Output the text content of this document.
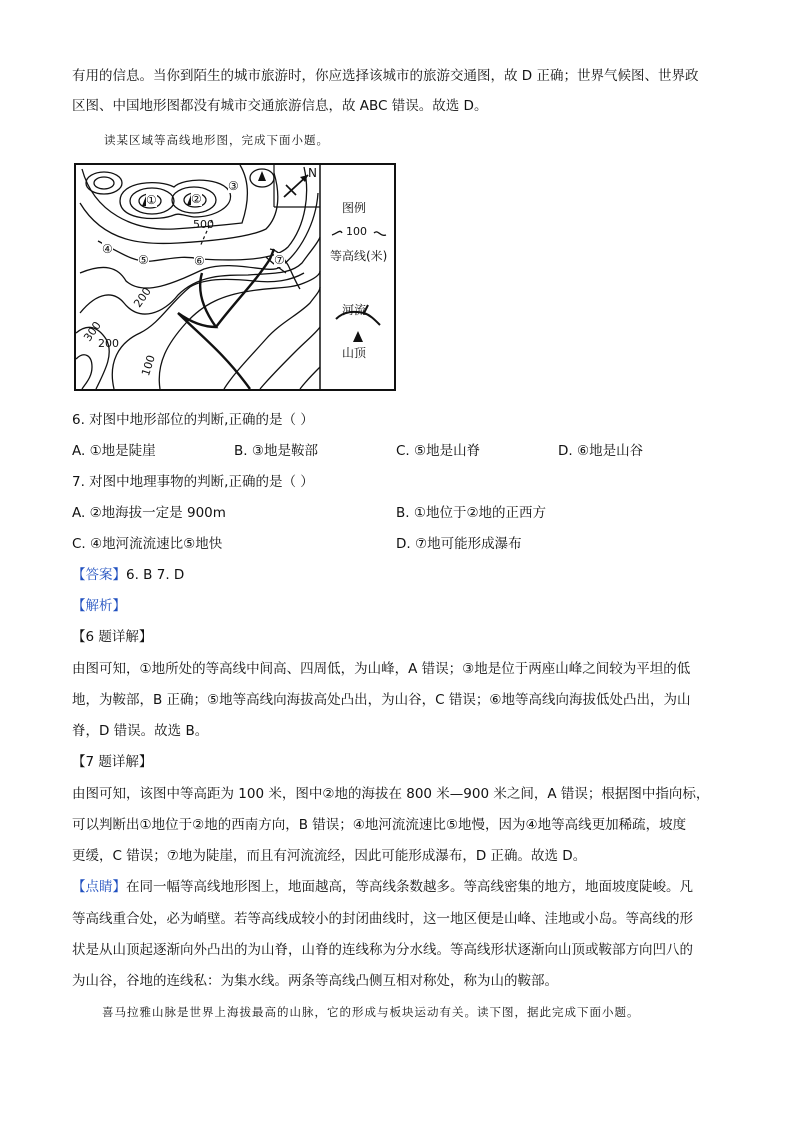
有用的信息。当你到陌生的城市旅游时，你应选择该城市的旅游交通图，故 D 正确；世界气候图、世界政
区图、中国地形图都没有城市交通旅游信息，故 ABC 错误。故选 D。
读某区域等高线地形图，完成下面小题。
N
图例
100
等高线(米)
河流
山顶
500
200
300
200
100
①	②
③
④
⑤	⑥	⑦
6. 对图中地形部位的判断,正确的是（ ）
A. ①地是陡崖	B. ③地是鞍部	C. ⑤地是山脊	D. ⑥地是山谷
7. 对图中地理事物的判断,正确的是（ ）
A. ②地海拔一定是 900m	B. ①地位于②地的正西方
C. ④地河流流速比⑤地快	D. ⑦地可能形成瀑布
【答案】6. B 7. D
【解析】
【6 题详解】
由图可知，①地所处的等高线中间高、四周低，为山峰，A 错误；③地是位于两座山峰之间较为平坦的低
地，为鞍部，B 正确；⑤地等高线向海拔高处凸出，为山谷，C 错误；⑥地等高线向海拔低处凸出，为山
脊，D 错误。故选 B。
【7 题详解】
由图可知，该图中等高距为 100 米，图中②地的海拔在 800 米—900 米之间，A 错误；根据图中指向标，
可以判断出①地位于②地的西南方向，B 错误；④地河流流速比⑤地慢，因为④地等高线更加稀疏，坡度
更缓，C 错误；⑦地为陡崖，而且有河流流经，因此可能形成瀑布，D 正确。故选 D。
【点睛】在同一幅等高线地形图上，地面越高，等高线条数越多。等高线密集的地方，地面坡度陡峻。凡
等高线重合处，必为峭壁。若等高线成较小的封闭曲线时，这一地区便是山峰、洼地或小岛。等高线的形
状是从山顶起逐渐向外凸出的为山脊，山脊的连线称为分水线。等高线形状逐渐向山顶或鞍部方向凹八的
为山谷，谷地的连线私：为集水线。两条等高线凸侧互相对称处，称为山的鞍部。
喜马拉雅山脉是世界上海拔最高的山脉，它的形成与板块运动有关。读下图，据此完成下面小题。
